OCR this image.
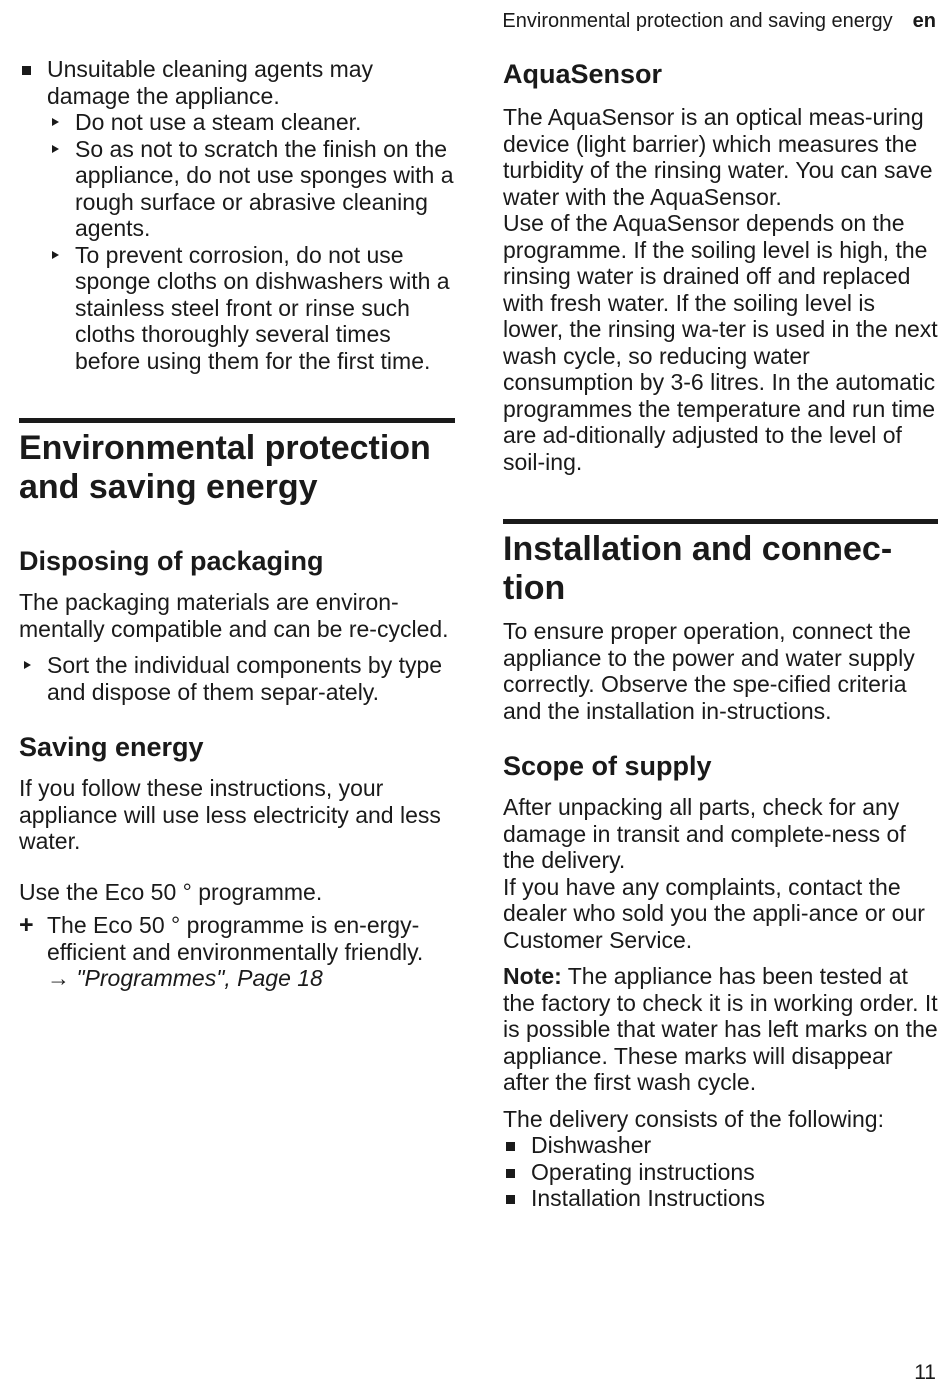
Environmental protection and saving energy en
Unsuitable cleaning agents may damage the appliance.
Do not use a steam cleaner.
So as not to scratch the finish on the appliance, do not use sponges with a rough surface or abrasive cleaning agents.
To prevent corrosion, do not use sponge cloths on dishwashers with a stainless steel front or rinse such cloths thoroughly several times before using them for the first time.
Environmental protection and saving energy
Disposing of packaging

The packaging materials are environ-mentally compatible and can be re-cycled.

Sort the individual components by type and dispose of them separ-ately.
Saving energy

If you follow these instructions, your appliance will use less electricity and less water.

Use the Eco 50 ° programme.

+ The Eco 50 ° programme is en-ergy-efficient and environmentally friendly.
→ "Programmes", Page 18
AquaSensor

The AquaSensor is an optical meas-uring device (light barrier) which measures the turbidity of the rinsing water. You can save water with the AquaSensor.

Use of the AquaSensor depends on the programme. If the soiling level is high, the rinsing water is drained off and replaced with fresh water. If the soiling level is lower, the rinsing wa-ter is used in the next wash cycle, so reducing water consumption by 3-6 litres. In the automatic programmes the temperature and run time are ad-ditionally adjusted to the level of soil-ing.

Installation and connec-tion

To ensure proper operation, connect the appliance to the power and water supply correctly. Observe the spe-cified criteria and the installation in-structions.

Scope of supply

After unpacking all parts, check for any damage in transit and complete-ness of the delivery.

If you have any complaints, contact the dealer who sold you the appli-ance or our Customer Service.

Note: The appliance has been tested at the factory to check it is in working order. It is possible that water has left marks on the appliance. These marks will disappear after the first wash cycle.

The delivery consists of the following:

Dishwasher
Operating instructions
Installation Instructions
11
